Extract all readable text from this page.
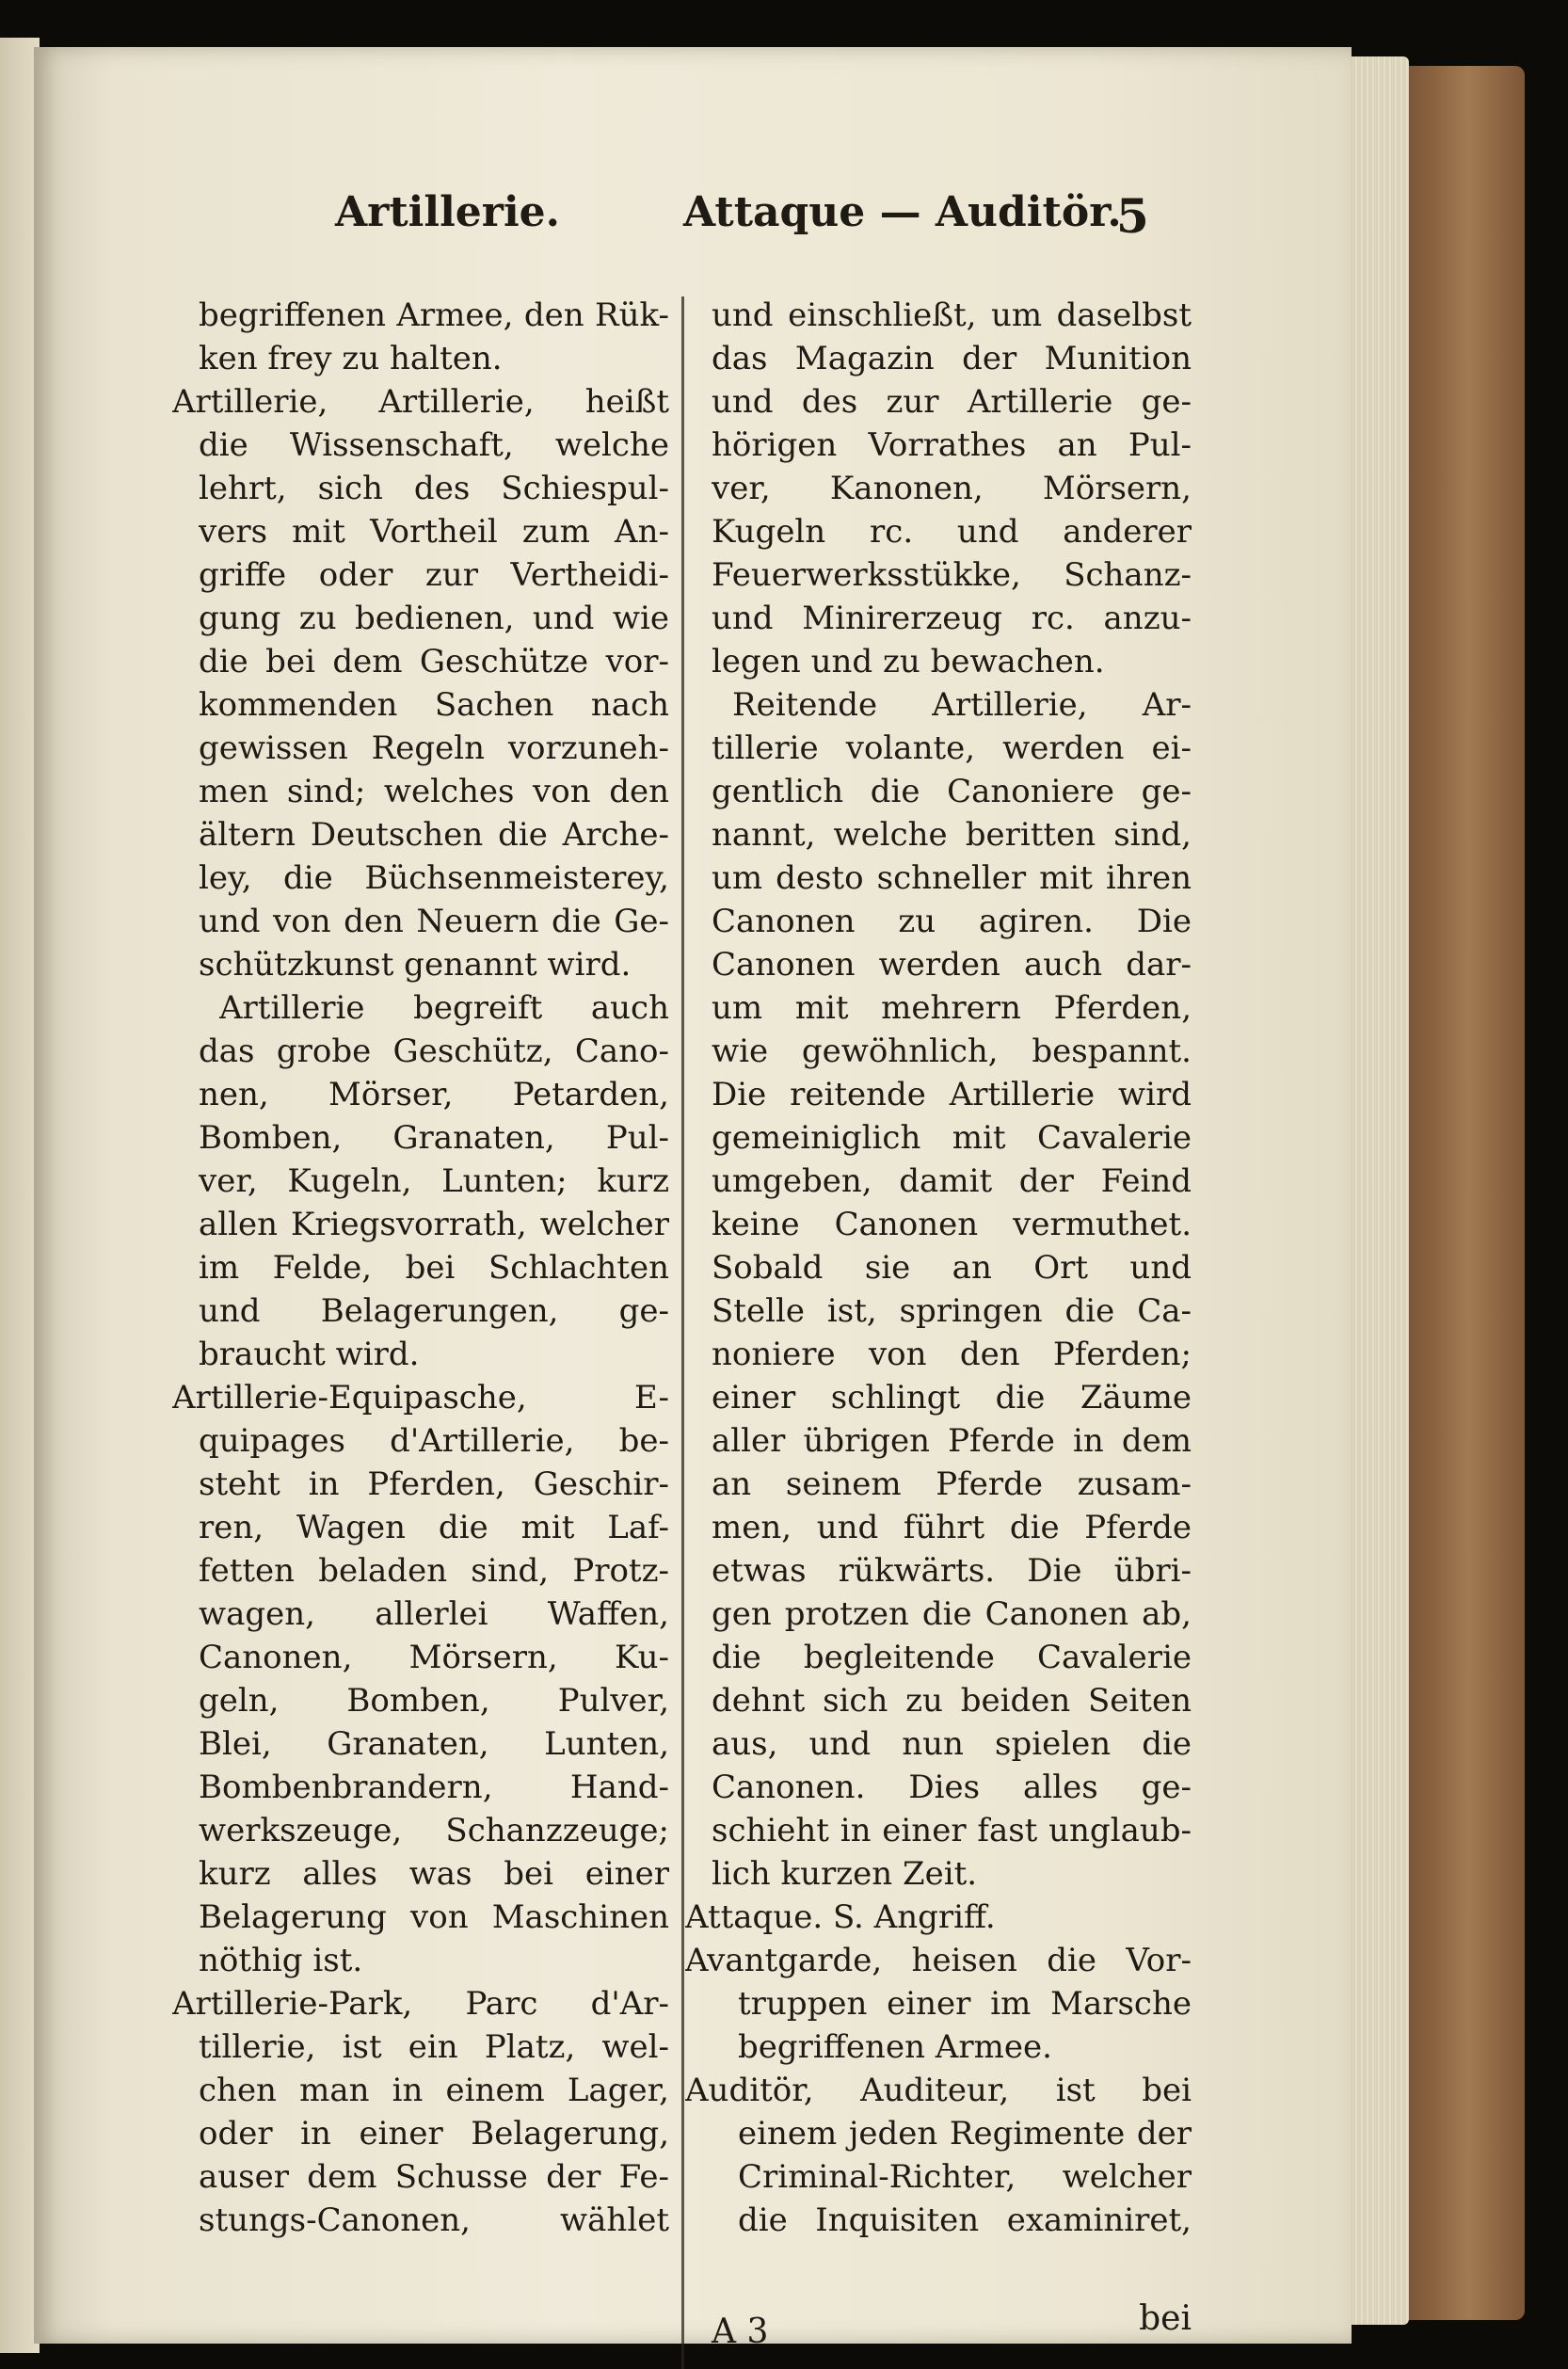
Artillerie.	Attaque — Auditör.
5
begriffenen Armee, den Rük-
ken frey zu halten.
Artillerie, Artillerie, heißt
die Wissenschaft, welche
lehrt, sich des Schiespul-
vers mit Vortheil zum An-
griffe oder zur Vertheidi-
gung zu bedienen, und wie
die bei dem Geschütze vor-
kommenden Sachen nach
gewissen Regeln vorzuneh-
men sind; welches von den
ältern Deutschen die Arche-
ley, die Büchsenmeisterey,
und von den Neuern die Ge-
schützkunst genannt wird.
Artillerie begreift auch
das grobe Geschütz, Cano-
nen, Mörser, Petarden,
Bomben, Granaten, Pul-
ver, Kugeln, Lunten; kurz
allen Kriegsvorrath, welcher
im Felde, bei Schlachten
und Belagerungen, ge-
braucht wird.
Artillerie-Equipasche, E-
quipages d'Artillerie, be-
steht in Pferden, Geschir-
ren, Wagen die mit Laf-
fetten beladen sind, Protz-
wagen, allerlei Waffen,
Canonen, Mörsern, Ku-
geln, Bomben, Pulver,
Blei, Granaten, Lunten,
Bombenbrandern, Hand-
werkszeuge, Schanzzeuge;
kurz alles was bei einer
Belagerung von Maschinen
nöthig ist.
Artillerie-Park, Parc d'Ar-
tillerie, ist ein Platz, wel-
chen man in einem Lager,
oder in einer Belagerung,
auser dem Schusse der Fe-
stungs-Canonen, wählet
und einschließt, um daselbst
das Magazin der Munition
und des zur Artillerie ge-
hörigen Vorrathes an Pul-
ver, Kanonen, Mörsern,
Kugeln rc. und anderer
Feuerwerksstükke, Schanz-
und Minirerzeug rc. anzu-
legen und zu bewachen.
Reitende Artillerie, Ar-
tillerie volante, werden ei-
gentlich die Canoniere ge-
nannt, welche beritten sind,
um desto schneller mit ihren
Canonen zu agiren. Die
Canonen werden auch dar-
um mit mehrern Pferden,
wie gewöhnlich, bespannt.
Die reitende Artillerie wird
gemeiniglich mit Cavalerie
umgeben, damit der Feind
keine Canonen vermuthet.
Sobald sie an Ort und
Stelle ist, springen die Ca-
noniere von den Pferden;
einer schlingt die Zäume
aller übrigen Pferde in dem
an seinem Pferde zusam-
men, und führt die Pferde
etwas rükwärts. Die übri-
gen protzen die Canonen ab,
die begleitende Cavalerie
dehnt sich zu beiden Seiten
aus, und nun spielen die
Canonen. Dies alles ge-
schieht in einer fast unglaub-
lich kurzen Zeit.
Attaque. S. Angriff.
Avantgarde, heisen die Vor-
truppen einer im Marsche
begriffenen Armee.
Auditör, Auditeur, ist bei
einem jeden Regimente der
Criminal-Richter, welcher
die Inquisiten examiniret,
A 3	bei
